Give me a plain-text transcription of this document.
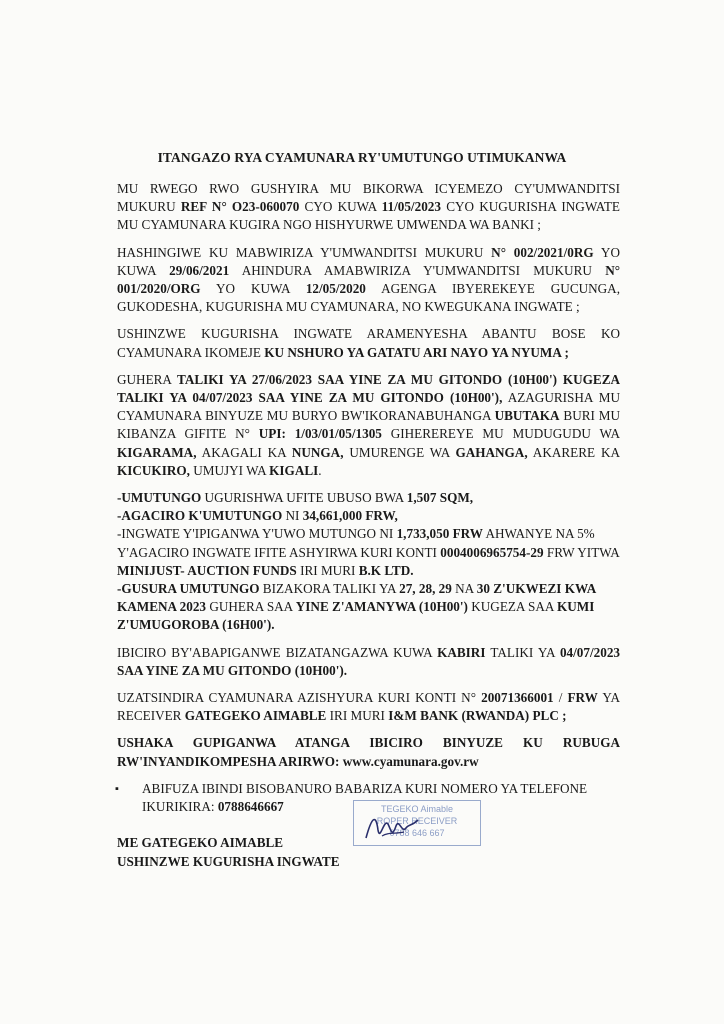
ITANGAZO RYA CYAMUNARA RY'UMUTUNGO UTIMUKANWA

MU RWEGO RWO GUSHYIRA MU BIKORWA ICYEMEZO CY'UMWANDITSI MUKURU REF N° O23-060070 CYO KUWA 11/05/2023 CYO KUGURISHA INGWATE MU CYAMUNARA KUGIRA NGO HISHYURWE UMWENDA WA BANKI ;

HASHINGIWE KU MABWIRIZA Y'UMWANDITSI MUKURU N° 002/2021/0RG YO KUWA 29/06/2021 AHINDURA AMABWIRIZA Y'UMWANDITSI MUKURU N° 001/2020/ORG YO KUWA 12/05/2020 AGENGA IBYEREKEYE GUCUNGA, GUKODESHA, KUGURISHA MU CYAMUNARA, NO KWEGUKANA INGWATE ;

USHINZWE KUGURISHA INGWATE ARAMENYESHA ABANTU BOSE KO CYAMUNARA IKOMEJE KU NSHURO YA GATATU ARI NAYO YA NYUMA ;

GUHERA TALIKI YA 27/06/2023 SAA YINE ZA MU GITONDO (10H00') KUGEZA TALIKI YA 04/07/2023 SAA YINE ZA MU GITONDO (10H00'), AZAGURISHA MU CYAMUNARA BINYUZE MU BURYO BW'IKORANABUHANGA UBUTAKA BURI MU KIBANZA GIFITE N° UPI: 1/03/01/05/1305 GIHEREREYE MU MUDUGUDU WA KIGARAMA, AKAGALI KA NUNGA, UMURENGE WA GAHANGA, AKARERE KA KICUKIRO, UMUJYI WA KIGALI.

-UMUTUNGO UGURISHWA UFITE UBUSO BWA 1,507 SQM,
-AGACIRO K'UMUTUNGO NI 34,661,000 FRW,
-INGWATE Y'IPIGANWA Y'UWO MUTUNGO NI 1,733,050 FRW AHWANYE NA 5% Y'AGACIRO INGWATE IFITE ASHYIRWA KURI KONTI 0004006965754-29 FRW YITWA MINIJUST- AUCTION FUNDS IRI MURI B.K LTD.
-GUSURA UMUTUNGO BIZAKORA TALIKI YA 27, 28, 29 NA 30 Z'UKWEZI KWA KAMENA 2023 GUHERA SAA YINE Z'AMANYWA (10H00') KUGEZA SAA KUMI Z'UMUGOROBA (16H00').

IBICIRO BY'ABAPIGANWE BIZATANGAZWA KUWA KABIRI TALIKI YA 04/07/2023 SAA YINE ZA MU GITONDO (10H00').

UZATSINDIRA CYAMUNARA AZISHYURA KURI KONTI N° 20071366001 / FRW YA RECEIVER GATEGEKO AIMABLE IRI MURI I&M BANK (RWANDA) PLC ;

USHAKA GUPIGANWA ATANGA IBICIRO BINYUZE KU RUBUGA RW'INYANDIKOMPESHA ARIRWO: www.cyamunara.gov.rw

▪ ABIFUZA IBINDI BISOBANURO BABARIZA KURI NOMERO YA TELEFONE IKURIKIRA: 0788646667
ME GATEGEKO AIMABLE
USHINZWE KUGURISHA INGWATE
TEGEKO Aimable
ROPER RECEIVER
0788 646 667
